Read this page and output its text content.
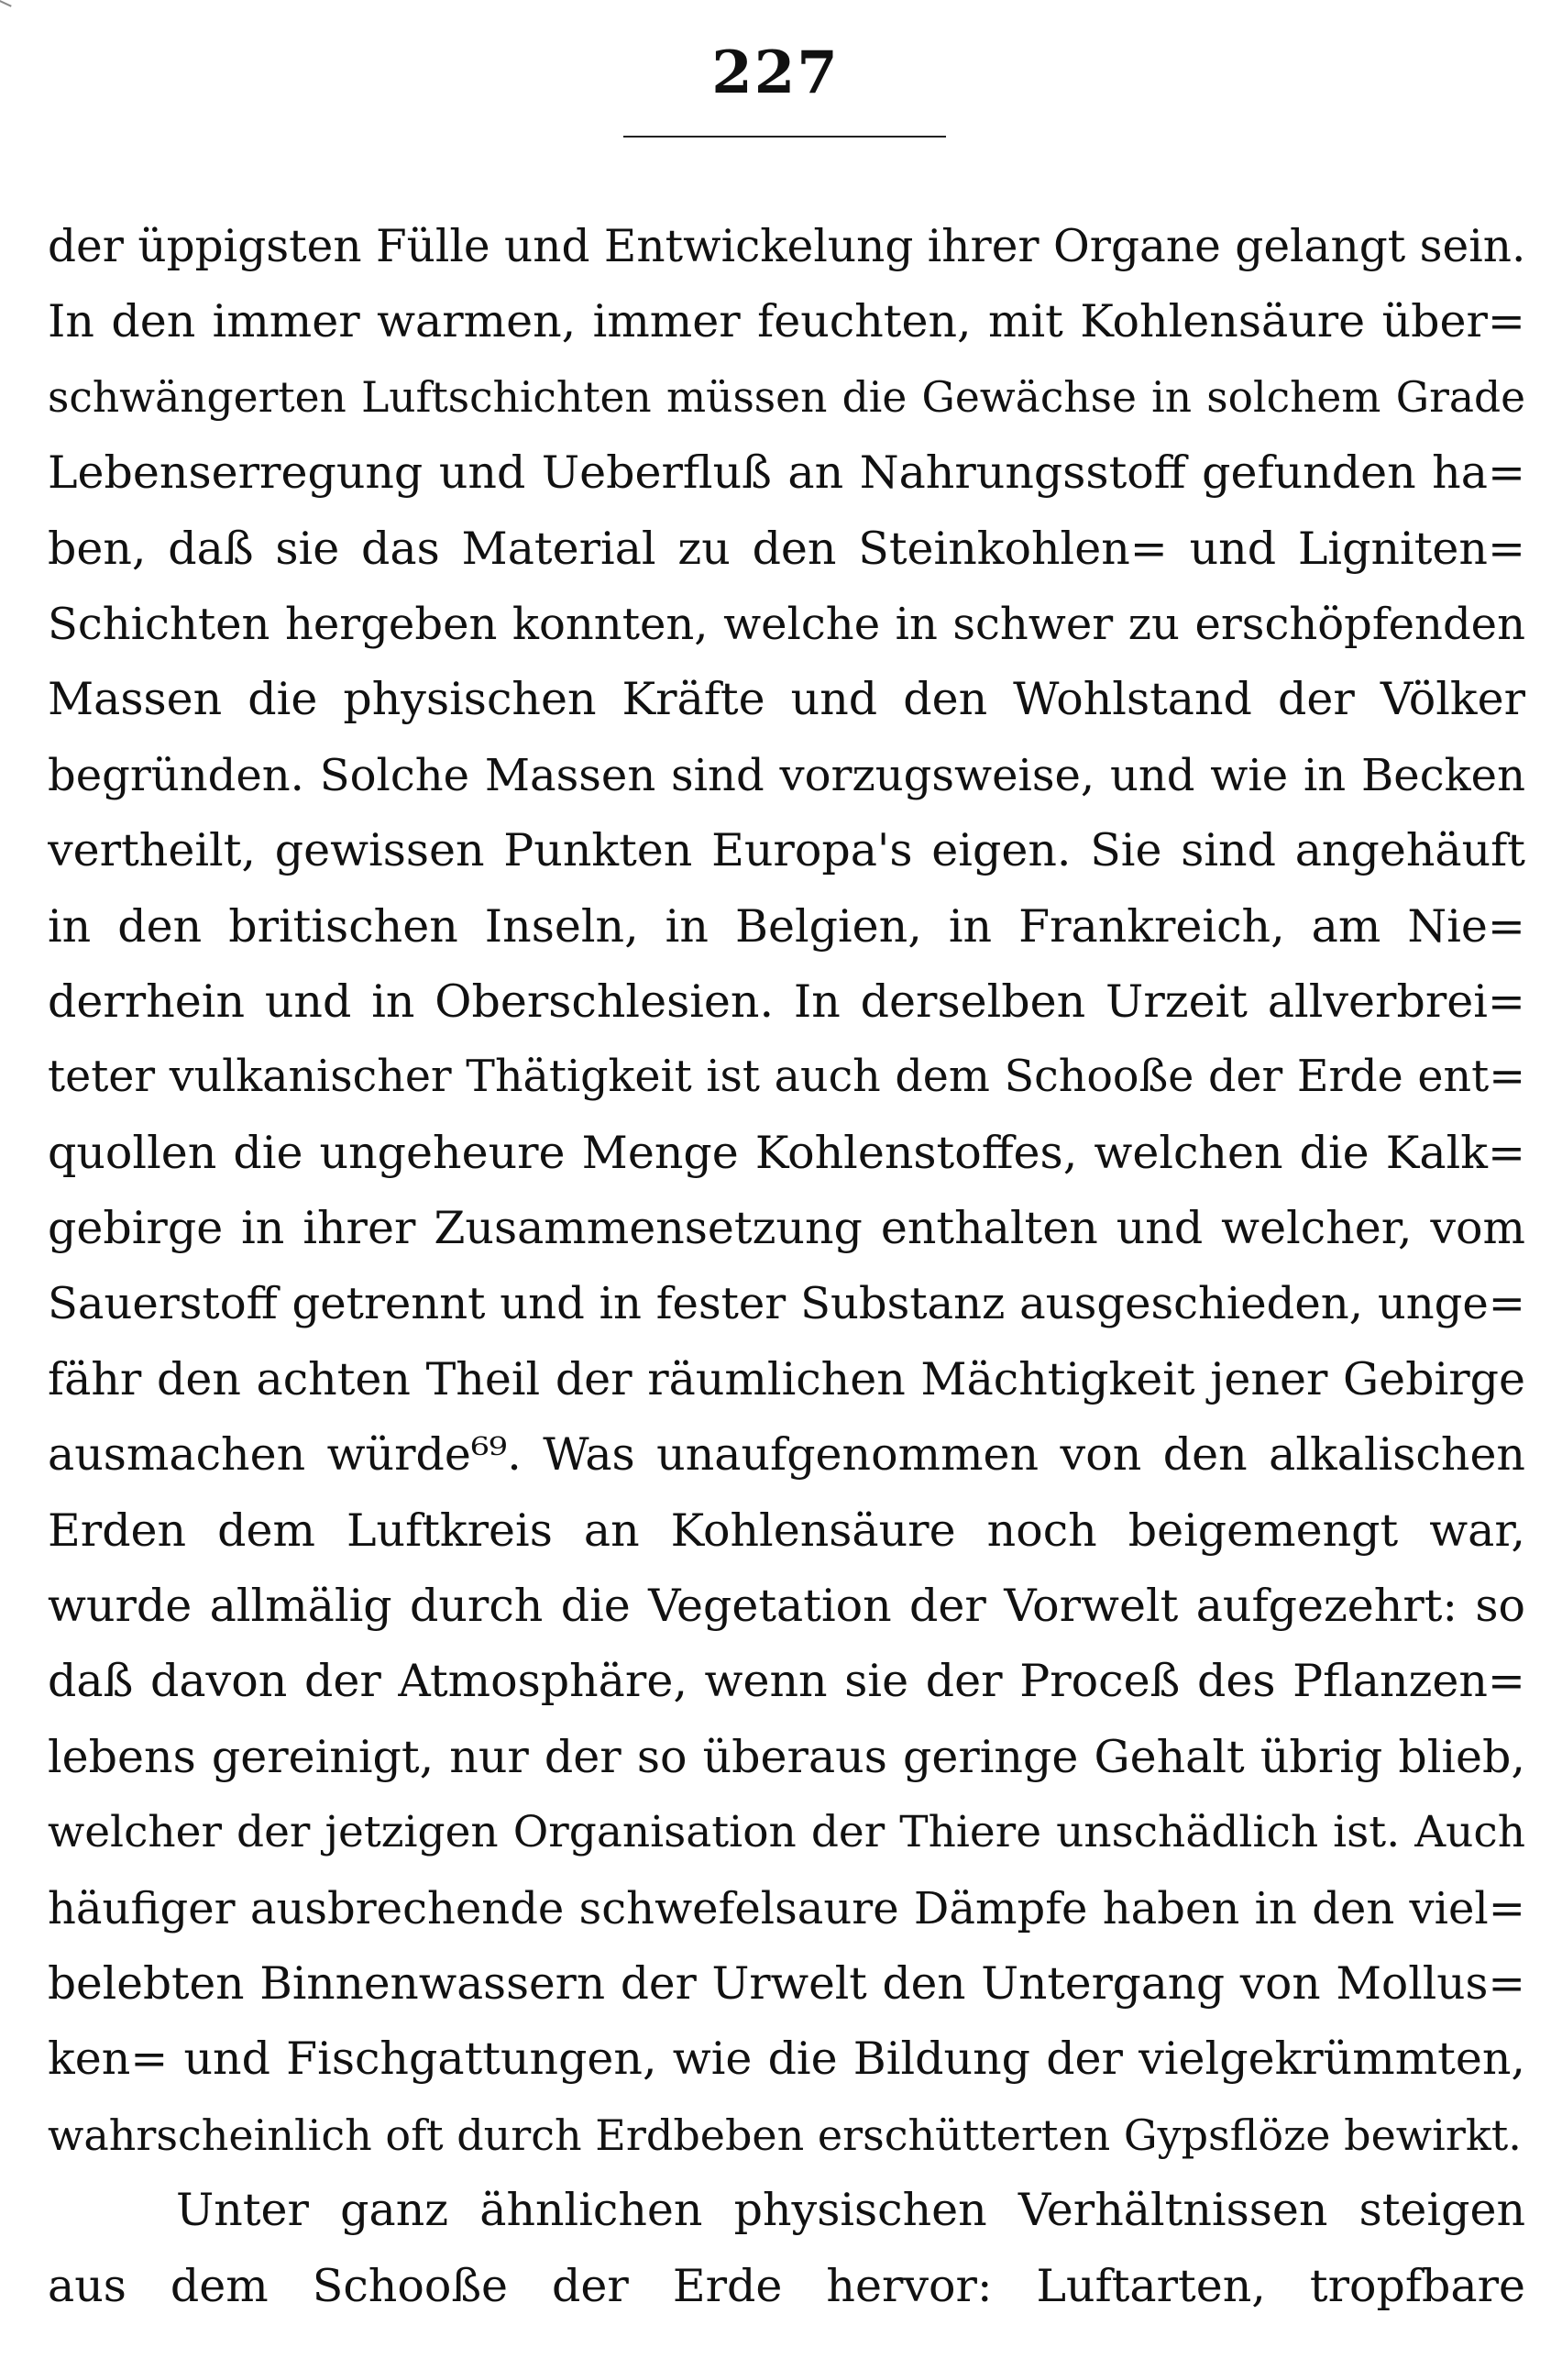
227
der üppigsten Fülle und Entwickelung ihrer Organe gelangt sein.
In den immer warmen, immer feuchten, mit Kohlensäure über=
schwängerten Luftschichten müssen die Gewächse in solchem Grade
Lebenserregung und Ueberfluß an Nahrungsstoff gefunden ha=
ben, daß sie das Material zu den Steinkohlen= und Ligniten=
Schichten hergeben konnten, welche in schwer zu erschöpfenden
Massen die physischen Kräfte und den Wohlstand der Völker
begründen. Solche Massen sind vorzugsweise, und wie in Becken
vertheilt, gewissen Punkten Europa's eigen. Sie sind angehäuft
in den britischen Inseln, in Belgien, in Frankreich, am Nie=
derrhein und in Oberschlesien. In derselben Urzeit allverbrei=
teter vulkanischer Thätigkeit ist auch dem Schooße der Erde ent=
quollen die ungeheure Menge Kohlenstoffes, welchen die Kalk=
gebirge in ihrer Zusammensetzung enthalten und welcher, vom
Sauerstoff getrennt und in fester Substanz ausgeschieden, unge=
fähr den achten Theil der räumlichen Mächtigkeit jener Gebirge
ausmachen würde⁶⁹. Was unaufgenommen von den alkalischen
Erden dem Luftkreis an Kohlensäure noch beigemengt war,
wurde allmälig durch die Vegetation der Vorwelt aufgezehrt: so
daß davon der Atmosphäre, wenn sie der Proceß des Pflanzen=
lebens gereinigt, nur der so überaus geringe Gehalt übrig blieb,
welcher der jetzigen Organisation der Thiere unschädlich ist. Auch
häufiger ausbrechende schwefelsaure Dämpfe haben in den viel=
belebten Binnenwassern der Urwelt den Untergang von Mollus=
ken= und Fischgattungen, wie die Bildung der vielgekrümmten,
wahrscheinlich oft durch Erdbeben erschütterten Gypsflöze bewirkt.
Unter ganz ähnlichen physischen Verhältnissen steigen
aus dem Schooße der Erde hervor: Luftarten, tropfbare
